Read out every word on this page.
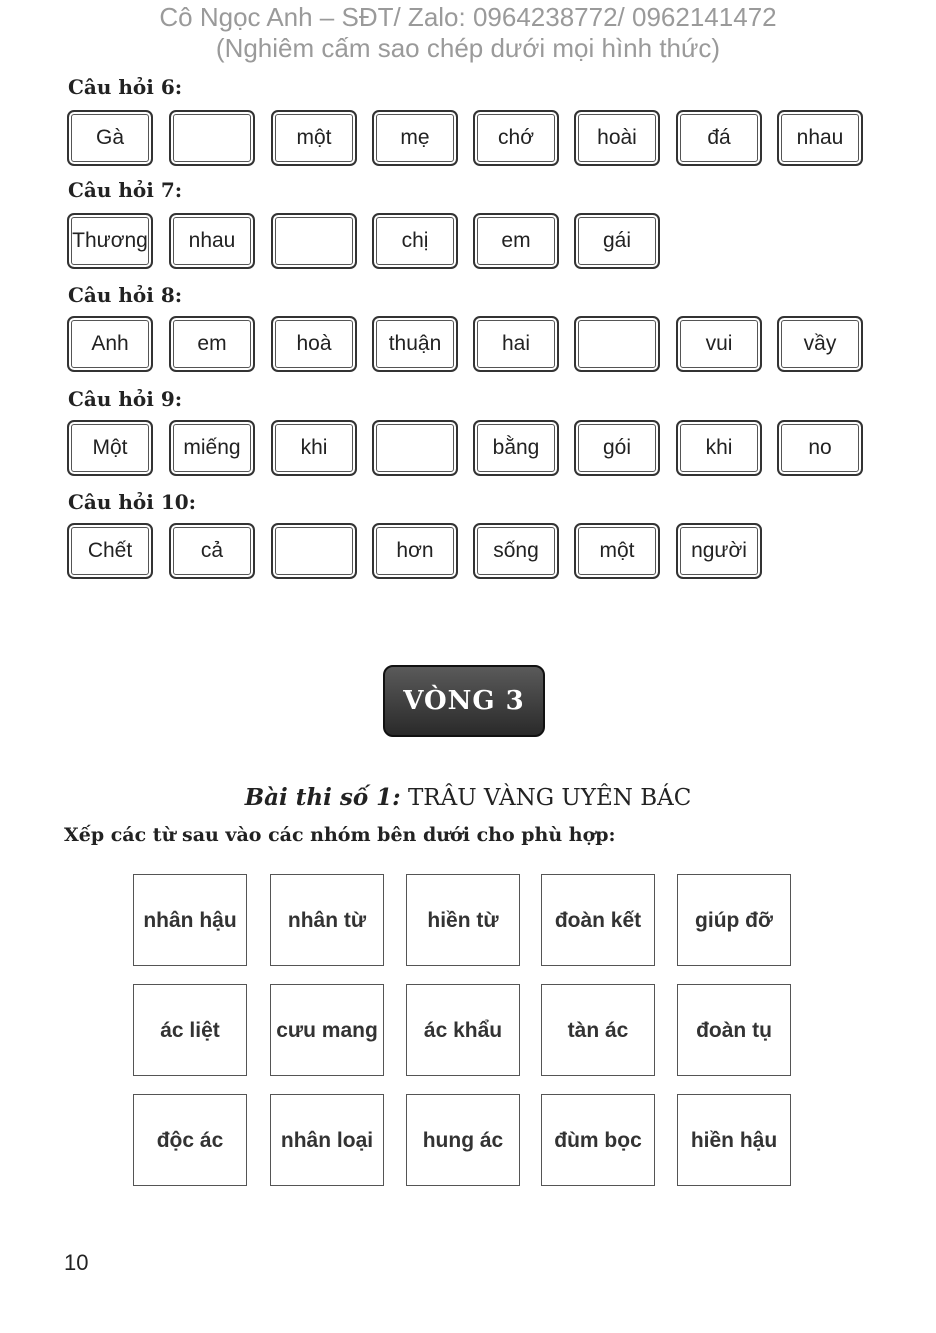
Cô Ngọc Anh – SĐT/ Zalo: 0964238772/ 0962141472
(Nghiêm cấm sao chép dưới mọi hình thức)
Câu hỏi 6:
Câu hỏi 7:
Câu hỏi 8:
Câu hỏi 9:
Câu hỏi 10:
Gà	một	mẹ	chớ	hoài	đá	nhau
Thương	nhau	chị	em	gái
Anh	em	hoà	thuận	hai	vui	vầy
Một	miếng	khi	bằng	gói	khi	no
Chết	cả	hơn	sống	một	người
VÒNG 3
Bài thi số 1: TRÂU VÀNG UYÊN BÁC
Xếp các từ sau vào các nhóm bên dưới cho phù hợp:
nhân hậu	nhân từ	hiền từ	đoàn kết	giúp đỡ
ác liệt	cưu mang	ác khẩu	tàn ác	đoàn tụ
độc ác	nhân loại	hung ác	đùm bọc	hiền hậu
10
